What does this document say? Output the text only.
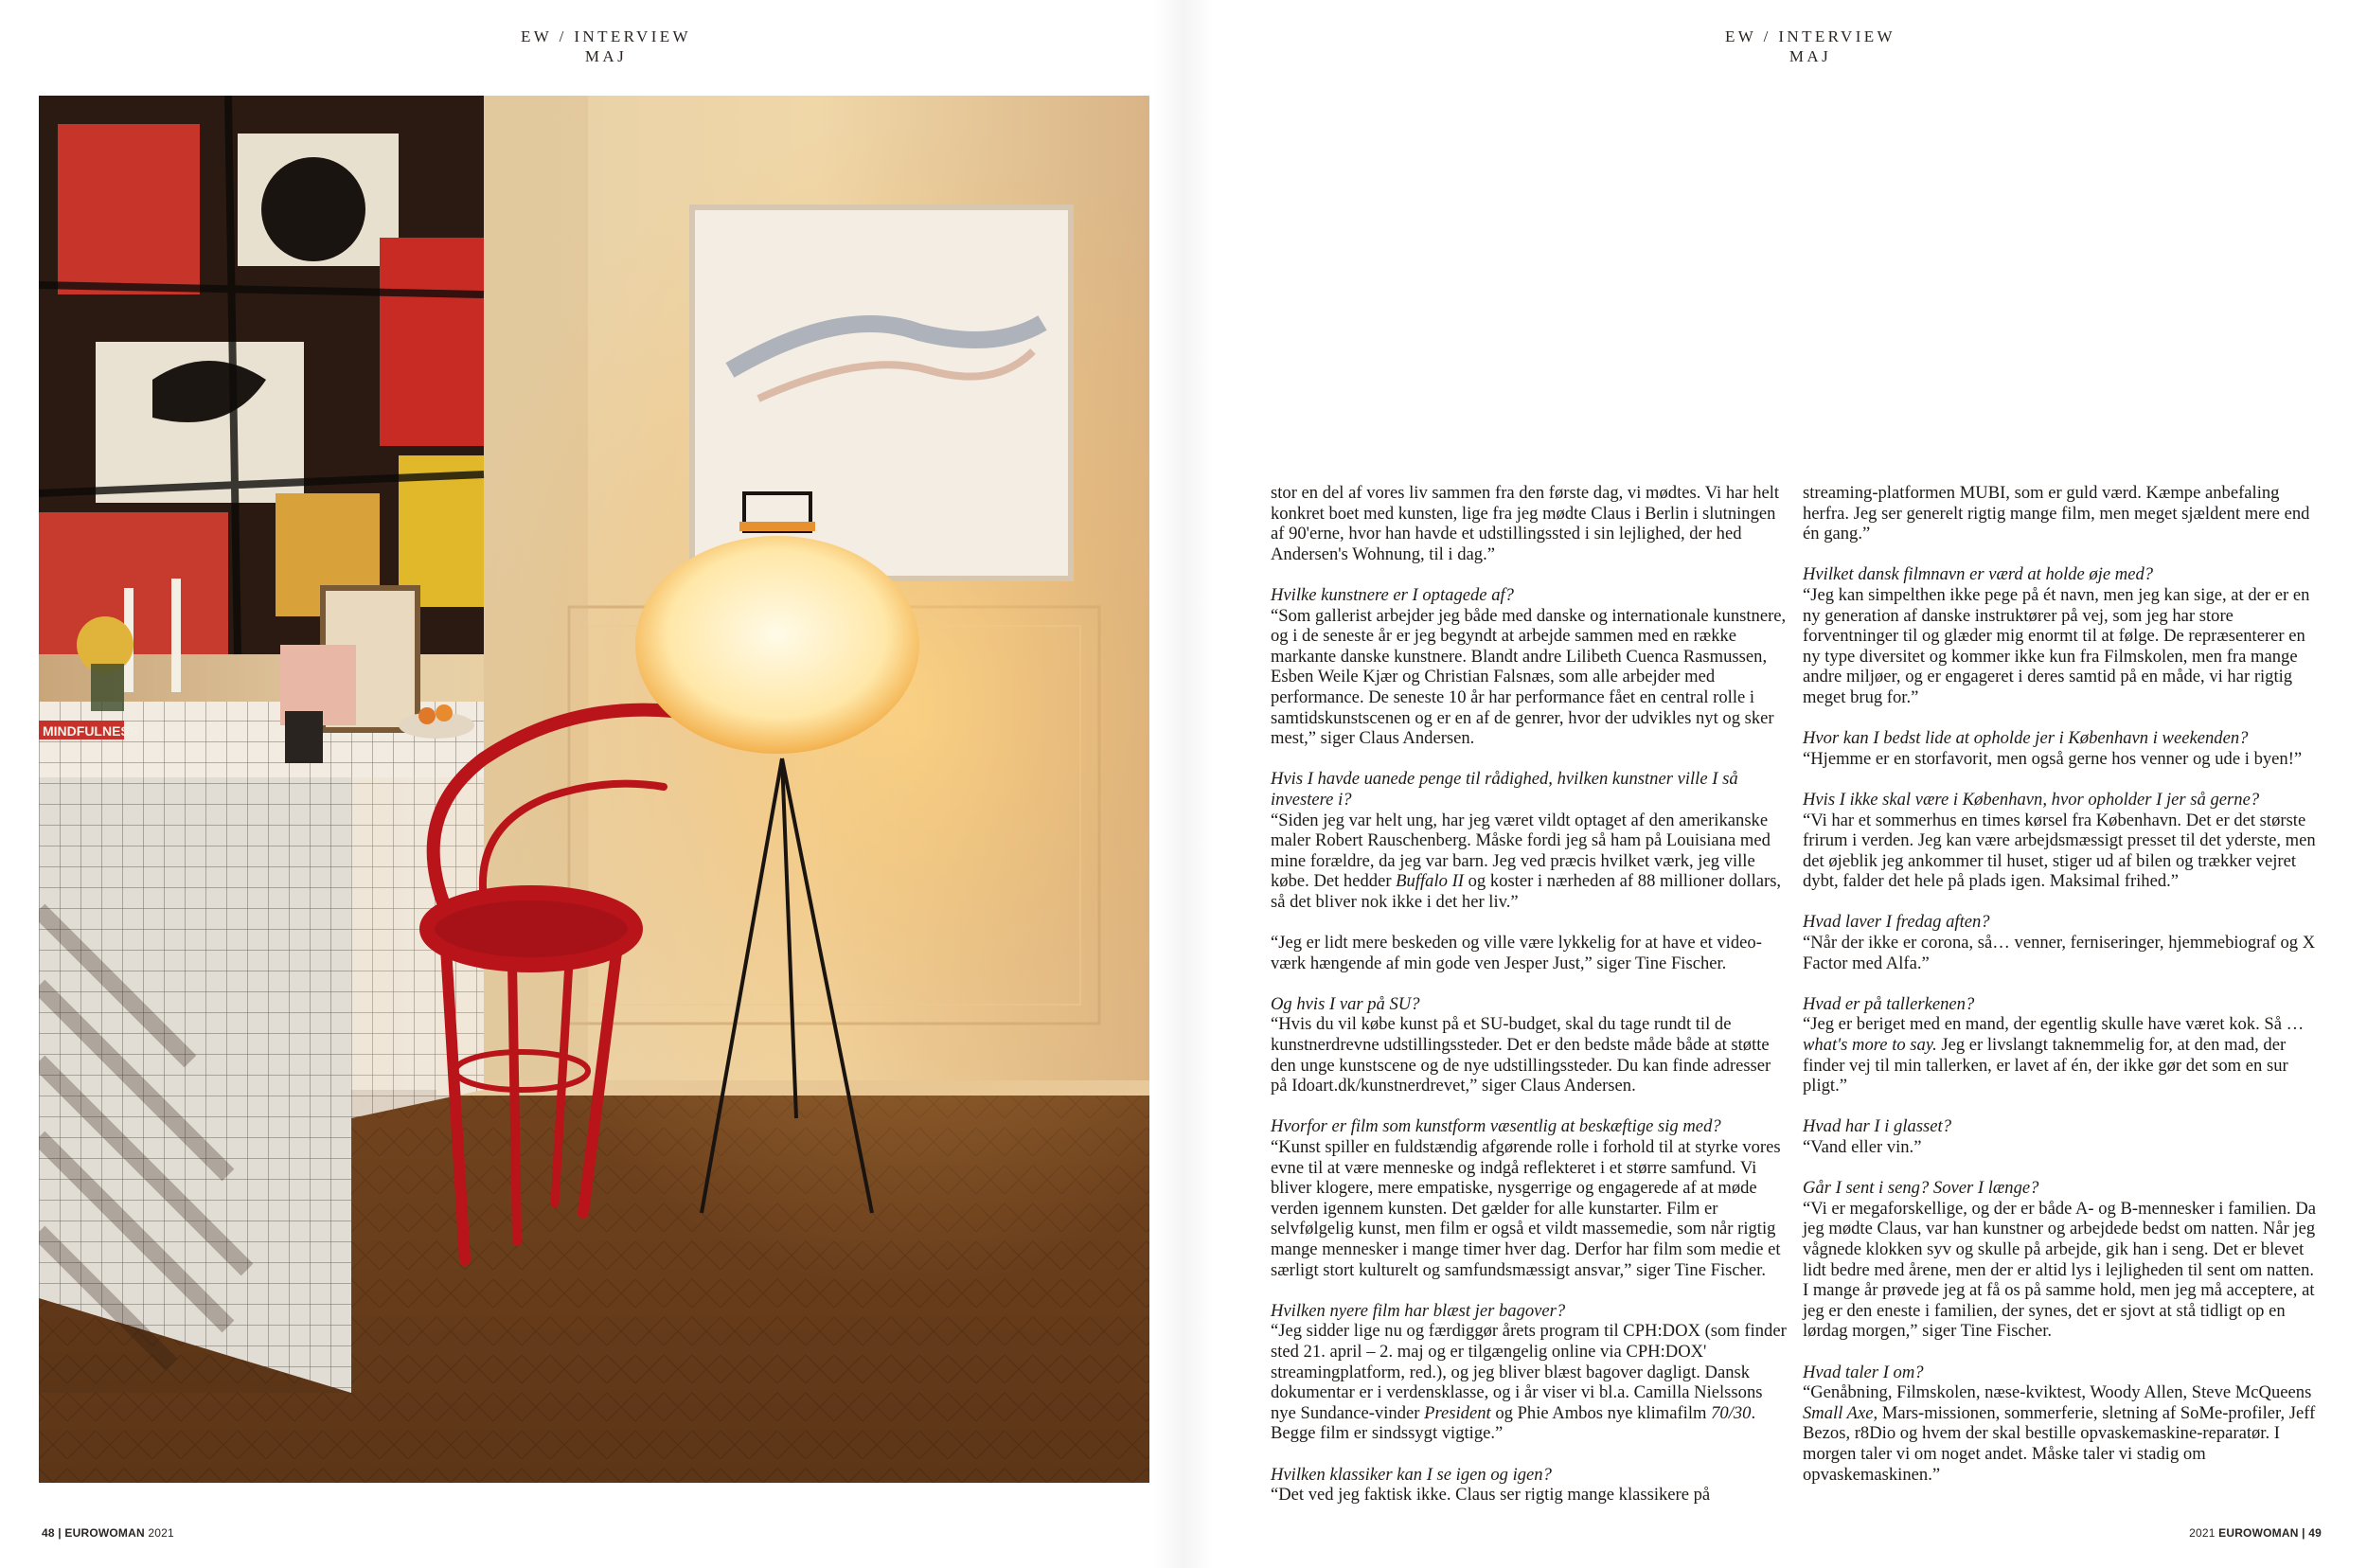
EW / INTERVIEW
MAJ
MINDFULNESS
48 | EUROWOMAN 2021
EW / INTERVIEW
MAJ
2021 EUROWOMAN | 49
stor en del af vores liv sammen fra den første dag, vi mødtes. Vi har helt konkret boet med kunsten, lige fra jeg mødte Claus i Berlin i slutningen af 90'erne, hvor han havde et udstillingssted i sin lejlighed, der hed Andersen's Wohnung, til i dag.”
Hvilke kunstnere er I optagede af?
“Som gallerist arbejder jeg både med danske og internationale kunstnere, og i de seneste år er jeg begyndt at arbejde sammen med en række markante danske kunstnere. Blandt andre Lilibeth Cuenca Rasmussen, Esben Weile Kjær og Christian Falsnæs, som alle arbejder med performance. De seneste 10 år har performance fået en central rolle i samtidskunstscenen og er en af de genrer, hvor der udvikles nyt og sker mest,” siger Claus Andersen.
Hvis I havde uanede penge til rådighed, hvilken kunstner ville I så investere i?
“Siden jeg var helt ung, har jeg været vildt optaget af den amerikanske maler Robert Rauschenberg. Måske fordi jeg så ham på Louisiana med mine forældre, da jeg var barn. Jeg ved præcis hvilket værk, jeg ville købe. Det hedder Buffalo II og koster i nærheden af 88 millioner dollars, så det bliver nok ikke i det her liv.”
“Jeg er lidt mere beskeden og ville være lykkelig for at have et video-værk hængende af min gode ven Jesper Just,” siger Tine Fischer.
Og hvis I var på SU?
“Hvis du vil købe kunst på et SU-budget, skal du tage rundt til de kunstnerdrevne udstillingssteder. Det er den bedste måde både at støtte den unge kunstscene og de nye udstillingssteder. Du kan finde adresser på Idoart.dk/kunstnerdrevet,” siger Claus Andersen.
Hvorfor er film som kunstform væsentlig at beskæftige sig med?
“Kunst spiller en fuldstændig afgørende rolle i forhold til at styrke vores evne til at være menneske og indgå reflekteret i et større samfund. Vi bliver klogere, mere empatiske, nysgerrige og engagerede af at møde verden igennem kunsten. Det gælder for alle kunstarter. Film er selvfølgelig kunst, men film er også et vildt massemedie, som når rigtig mange mennesker i mange timer hver dag. Derfor har film som medie et særligt stort kulturelt og samfundsmæssigt ansvar,” siger Tine Fischer.
Hvilken nyere film har blæst jer bagover?
“Jeg sidder lige nu og færdiggør årets program til CPH:DOX (som finder sted 21. april – 2. maj og er tilgængelig online via CPH:DOX' streamingplatform, red.), og jeg bliver blæst bagover dagligt. Dansk dokumentar er i verdensklasse, og i år viser vi bl.a. Camilla Nielssons nye Sundance-vinder President og Phie Ambos nye klimafilm 70/30. Begge film er sindssygt vigtige.”
Hvilken klassiker kan I se igen og igen?
“Det ved jeg faktisk ikke. Claus ser rigtig mange klassikere på
streaming-platformen MUBI, som er guld værd. Kæmpe anbefaling herfra. Jeg ser generelt rigtig mange film, men meget sjældent mere end én gang.”
Hvilket dansk filmnavn er værd at holde øje med?
“Jeg kan simpelthen ikke pege på ét navn, men jeg kan sige, at der er en ny generation af danske instruktører på vej, som jeg har store forventninger til og glæder mig enormt til at følge. De repræsenterer en ny type diversitet og kommer ikke kun fra Filmskolen, men fra mange andre miljøer, og er engageret i deres samtid på en måde, vi har rigtig meget brug for.”
Hvor kan I bedst lide at opholde jer i København i weekenden?
“Hjemme er en storfavorit, men også gerne hos venner og ude i byen!”
Hvis I ikke skal være i København, hvor opholder I jer så gerne?
“Vi har et sommerhus en times kørsel fra København. Det er det største frirum i verden. Jeg kan være arbejdsmæssigt presset til det yderste, men det øjeblik jeg ankommer til huset, stiger ud af bilen og trækker vejret dybt, falder det hele på plads igen. Maksimal frihed.”
Hvad laver I fredag aften?
“Når der ikke er corona, så… venner, ferniseringer, hjemmebiograf og X Factor med Alfa.”
Hvad er på tallerkenen?
“Jeg er beriget med en mand, der egentlig skulle have været kok. Så … what's more to say. Jeg er livslangt taknemmelig for, at den mad, der finder vej til min tallerken, er lavet af én, der ikke gør det som en sur pligt.”
Hvad har I i glasset?
“Vand eller vin.”
Går I sent i seng? Sover I længe?
“Vi er megaforskellige, og der er både A- og B-mennesker i familien. Da jeg mødte Claus, var han kunstner og arbejdede bedst om natten. Når jeg vågnede klokken syv og skulle på arbejde, gik han i seng. Det er blevet lidt bedre med årene, men der er altid lys i lejligheden til sent om natten. I mange år prøvede jeg at få os på samme hold, men jeg må acceptere, at jeg er den eneste i familien, der synes, det er sjovt at stå tidligt op en lørdag morgen,” siger Tine Fischer.
Hvad taler I om?
“Genåbning, Filmskolen, næse-kviktest, Woody Allen, Steve McQueens Small Axe, Mars-missionen, sommerferie, sletning af SoMe-profiler, Jeff Bezos, r8Dio og hvem der skal bestille opvaskemaskine-reparatør. I morgen taler vi om noget andet. Måske taler vi stadig om opvaskemaskinen.”
